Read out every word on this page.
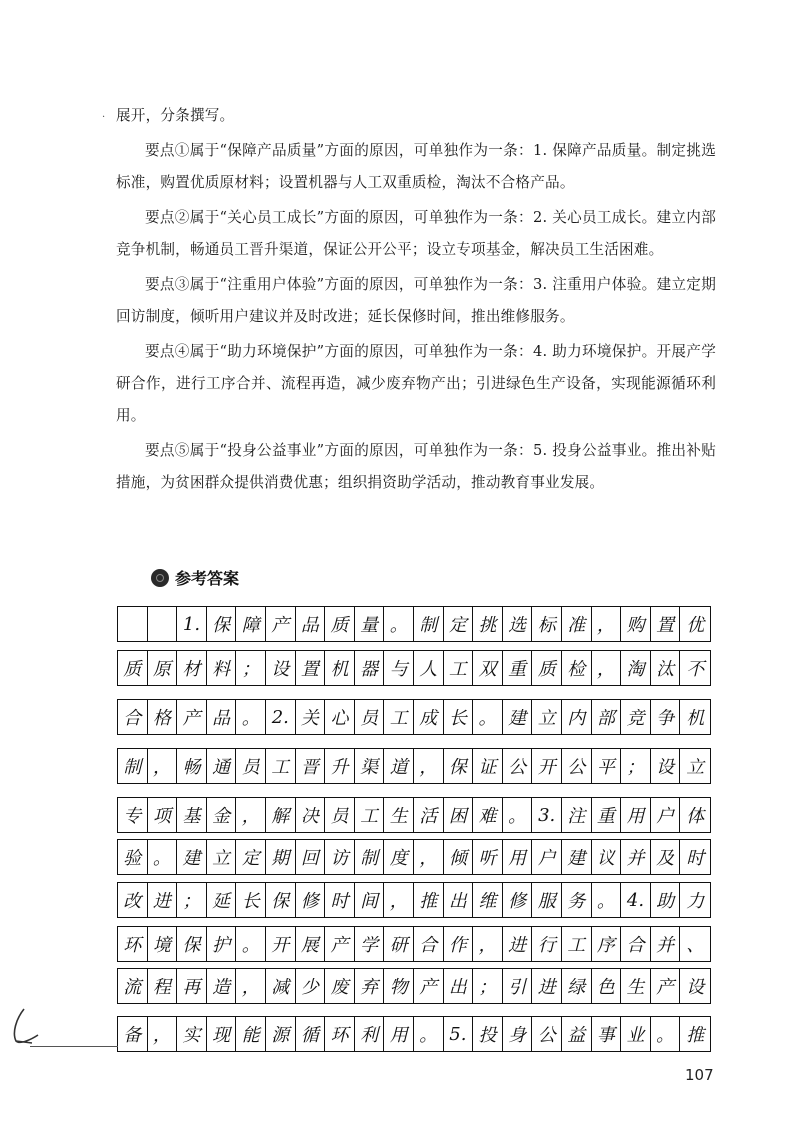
· 展开，分条撰写。

要点①属于“保障产品质量”方面的原因，可单独作为一条：1. 保障产品质量。制定挑选标准，购置优质原材料；设置机器与人工双重质检，淘汰不合格产品。

要点②属于“关心员工成长”方面的原因，可单独作为一条：2. 关心员工成长。建立内部竞争机制，畅通员工晋升渠道，保证公开公平；设立专项基金，解决员工生活困难。

要点③属于“注重用户体验”方面的原因，可单独作为一条：3. 注重用户体验。建立定期回访制度，倾听用户建议并及时改进；延长保修时间，推出维修服务。

要点④属于“助力环境保护”方面的原因，可单独作为一条：4. 助力环境保护。开展产学研合作，进行工序合并、流程再造，减少废弃物产出；引进绿色生产设备，实现能源循环利用。

要点⑤属于“投身公益事业”方面的原因，可单独作为一条：5. 投身公益事业。推出补贴措施，为贫困群众提供消费优惠；组织捐资助学活动，推动教育事业发展。

参考答案
1. 保 障 产 品 质 量 。 制 定 挑 选 标 准 ， 购 置 优
质 原 材 料 ； 设 置 机 器 与 人 工 双 重 质 检 ， 淘 汰 不
合 格 产 品 。 2. 关 心 员 工 成 长 。 建 立 内 部 竞 争 机
制 ， 畅 通 员 工 晋 升 渠 道 ， 保 证 公 开 公 平 ； 设 立
专 项 基 金 ， 解 决 员 工 生 活 困 难 。 3. 注 重 用 户 体
验 。 建 立 定 期 回 访 制 度 ， 倾 听 用 户 建 议 并 及 时
改 进 ； 延 长 保 修 时 间 ， 推 出 维 修 服 务 。 4. 助 力
环 境 保 护 。 开 展 产 学 研 合 作 ， 进 行 工 序 合 并 、
流 程 再 造 ， 减 少 废 弃 物 产 出 ； 引 进 绿 色 生 产 设
备 ， 实 现 能 源 循 环 利 用 。 5. 投 身 公 益 事 业 。 推
107
